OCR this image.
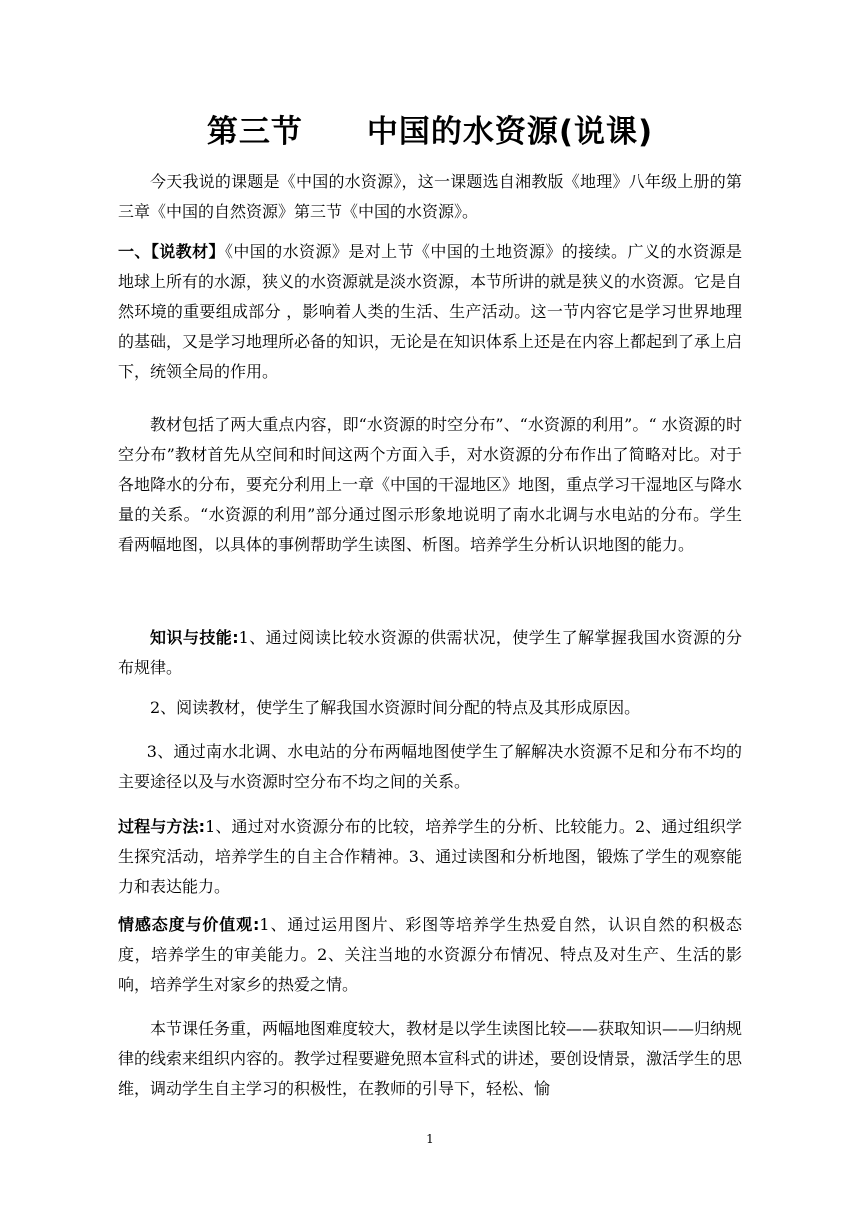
第三节　　中国的水资源(说课)

今天我说的课题是《中国的水资源》，这一课题选自湘教版《地理》八年级上册的第三章《中国的自然资源》第三节《中国的水资源》。

一、【说教材】《中国的水资源》是对上节《中国的土地资源》的接续。广义的水资源是地球上所有的水源，狭义的水资源就是淡水资源，本节所讲的就是狭义的水资源。它是自然环境的重要组成部分 ，影响着人类的生活、生产活动。这一节内容它是学习世界地理的基础，又是学习地理所必备的知识，无论是在知识体系上还是在内容上都起到了承上启下，统领全局的作用。

教材包括了两大重点内容，即“水资源的时空分布”、“水资源的利用”。“ 水资源的时空分布”教材首先从空间和时间这两个方面入手，对水资源的分布作出了简略对比。对于各地降水的分布，要充分利用上一章《中国的干湿地区》地图，重点学习干湿地区与降水量的关系。“水资源的利用”部分通过图示形象地说明了南水北调与水电站的分布。学生看两幅地图，以具体的事例帮助学生读图、析图。培养学生分析认识地图的能力。

知识与技能:1、通过阅读比较水资源的供需状况，使学生了解掌握我国水资源的分布规律。

2、阅读教材，使学生了解我国水资源时间分配的特点及其形成原因。

3、通过南水北调、水电站的分布两幅地图使学生了解解决水资源不足和分布不均的主要途径以及与水资源时空分布不均之间的关系。

过程与方法:1、通过对水资源分布的比较，培养学生的分析、比较能力。2、通过组织学生探究活动，培养学生的自主合作精神。3、通过读图和分析地图，锻炼了学生的观察能力和表达能力。

情感态度与价值观:1、通过运用图片、彩图等培养学生热爱自然，认识自然的积极态度，培养学生的审美能力。2、关注当地的水资源分布情况、特点及对生产、生活的影响，培养学生对家乡的热爱之情。

本节课任务重，两幅地图难度较大，教材是以学生读图比较——获取知识——归纳规律的线索来组织内容的。教学过程要避免照本宣科式的讲述，要创设情景，激活学生的思维，调动学生自主学习的积极性，在教师的引导下，轻松、愉

1
